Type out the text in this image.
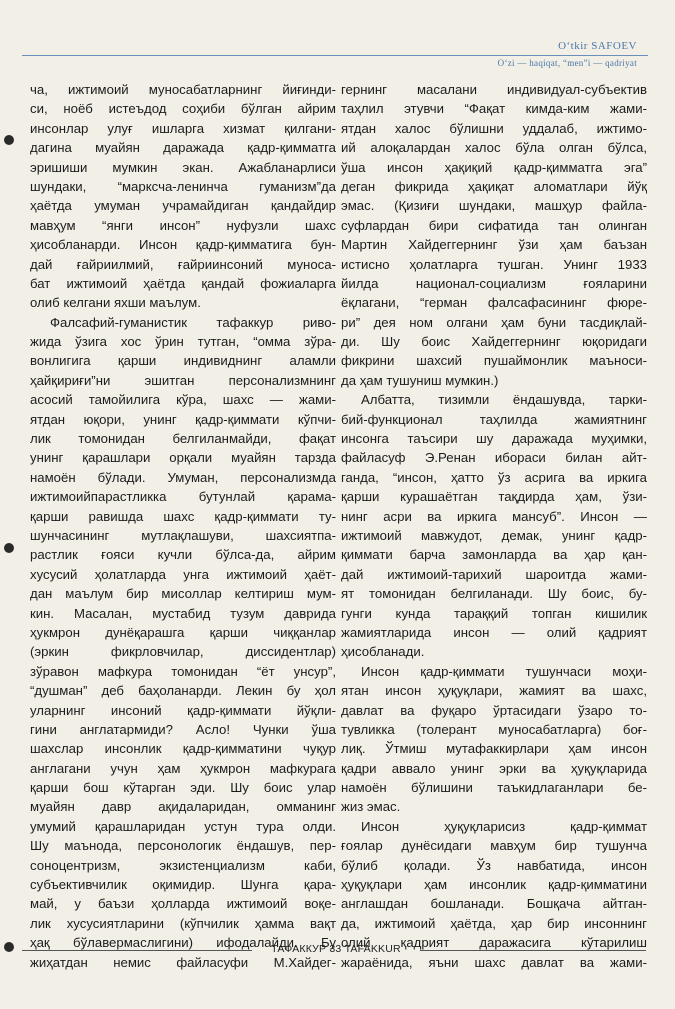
O‘tkir SAFOEV
O‘zi — haqiqat, “men”i — qadriyat
ча, ижтимоий муносабатларнинг йиғинди-
си, ноёб истеъдод соҳиби бўлган айрим
инсонлар улуғ ишларга хизмат қилгани-
дагина муайян даражада қадр-қимматга
эришиши мумкин экан. Ажабланарлиси
шундаки, “марксча-ленинча гуманизм”да
ҳаётда умуман учрамайдиган қандайдир
мавҳум “янги инсон” нуфузли шахс
ҳисобланарди. Инсон қадр-қимматига бун-
дай ғайриилмий, ғайриинсоний муноса-
бат ижтимоий ҳаётда қандай фожиаларга
олиб келгани яхши маълум.
Фалсафий-гуманистик тафаккур риво-
жида ўзига хос ўрин тутган, “омма зўра-
вонлигига қарши индивиднинг аламли
ҳайқириғи”ни эшитган персонализмнинг
асосий тамойилига кўра, шахс — жами-
ятдан юқори, унинг қадр-қиммати кўпчи-
лик томонидан белгиланмайди, фақат
унинг қарашлари орқали муайян тарзда
намоён бўлади. Умуман, персонализмда
ижтимоийпарастликка бутунлай қарама-
қарши равишда шахс қадр-қиммати ту-
шунчасининг мутлақлашуви, шахсиятпа-
растлик ғояси кучли бўлса-да, айрим
хусусий ҳолатларда унга ижтимоий ҳаёт-
дан маълум бир мисоллар келтириш мум-
кин. Масалан, мустабид тузум даврида
ҳукмрон дунёқарашга қарши чиққанлар
(эркин фикрловчилар, диссидентлар)
зўравон мафкура томонидан “ёт унсур”,
“душман” деб баҳоланарди. Лекин бу ҳол
уларнинг инсоний қадр-қиммати йўқли-
гини англатармиди? Асло! Чунки ўша
шахслар инсонлик қадр-қимматини чуқур
англагани учун ҳам ҳукмрон мафкурага
қарши бош кўтарган эди. Шу боис улар
муайян давр ақидаларидан, омманинг
умумий қарашларидан устун тура олди.
Шу маънода, персонологик ёндашув, пер-
соноцентризм, экзистенциализм каби,
субъективчилик оқимидир. Шунга қара-
май, у баъзи ҳолларда ижтимоий воқе-
лик хусусиятларини (кўпчилик ҳамма вақт
ҳақ бўлавермаслигини) ифодалайди. Бу
жиҳатдан немис файласуфи М.Хайдег-
гернинг масалани индивидуал-субъектив
таҳлил этувчи “Фақат кимда-ким жами-
ятдан халос бўлишни уддалаб, ижтимо-
ий алоқалардан халос бўла олган бўлса,
ўша инсон ҳақиқий қадр-қимматга эга”
деган фикрида ҳақиқат аломатлари йўқ
эмас. (Қизиғи шундаки, машҳур файла-
суфлардан бири сифатида тан олинган
Мартин Хайдеггернинг ўзи ҳам баъзан
истисно ҳолатларга тушган. Унинг 1933
йилда национал-социализм ғояларини
ёқлагани, “герман фалсафасининг фюре-
ри” дея ном олгани ҳам буни тасдиқлай-
ди. Шу боис Хайдеггернинг юқоридаги
фикрини шахсий пушаймонлик маъноси-
да ҳам тушуниш мумкин.)
Албатта, тизимли ёндашувда, тарки-
бий-функционал таҳлилда жамиятнинг
инсонга таъсири шу даражада муҳимки,
файласуф Э.Ренан ибораси билан айт-
ганда, “инсон, ҳатто ўз асрига ва иркига
қарши курашаётган тақдирда ҳам, ўзи-
нинг асри ва иркига мансуб”. Инсон —
ижтимоий мавжудот, демак, унинг қадр-
қиммати барча замонларда ва ҳар қан-
дай ижтимоий-тарихий шароитда жами-
ят томонидан белгиланади. Шу боис, бу-
гунги кунда тараққий топган кишилик
жамиятларида инсон — олий қадрият
ҳисобланади.
Инсон қадр-қиммати тушунчаси моҳи-
ятан инсон ҳуқуқлари, жамият ва шахс,
давлат ва фуқаро ўртасидаги ўзаро то-
тувликка (толерант муносабатларга) боғ-
лиқ. Ўтмиш мутафаккирлари ҳам инсон
қадри аввало унинг эрки ва ҳуқуқларида
намоён бўлишини таъкидлаганлари бе-
жиз эмас.
Инсон ҳуқуқларисиз қадр-қиммат
ғоялар дунёсидаги мавҳум бир тушунча
бўлиб қолади. Ўз навбатида, инсон
ҳуқуқлари ҳам инсонлик қадр-қимматини
англашдан бошланади. Бошқача айтган-
да, ижтимоий ҳаётда, ҳар бир инсоннинг
олий қадрият даражасига кўтарилиш
жараёнида, яъни шахс давлат ва жами-
ТАФАККУР 33 TAFAKKUR
